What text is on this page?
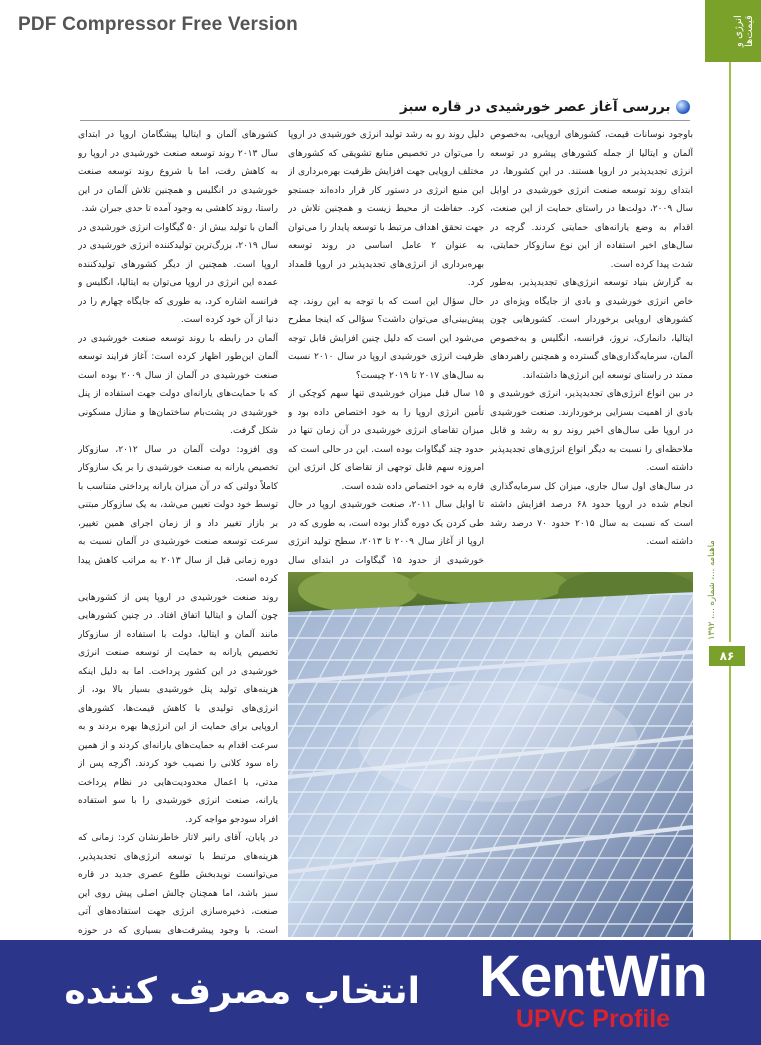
PDF Compressor Free Version	انرژی و قیمت‌ها
ماهنامه ...، شماره ...، ۱۳۹۲
۸۶
بررسی آغاز عصر خورشیدی در قاره سبز

باوجود نوسانات قیمت، کشورهای اروپایی، به‌خصوص آلمان و ایتالیا از جمله کشورهای پیشرو در توسعه انرژی تجدیدپذیر در اروپا هستند. در این کشورها، در ابتدای روند توسعه صنعت انرژی خورشیدی در اوایل سال ۲۰۰۹، دولت‌ها در راستای حمایت از این صنعت، اقدام به وضع یارانه‌های حمایتی کردند. گرچه در سال‌های اخیر استفاده از این نوع سازوکار حمایتی، شدت پیدا کرده است.

به گزارش بنیاد توسعه انرژی‌های تجدیدپذیر، به‌طور خاص انرژی خورشیدی و بادی از جایگاه ویژه‌ای در کشورهای اروپایی برخوردار است. کشورهایی چون ایتالیا، دانمارک، نروژ، فرانسه، انگلیس و به‌خصوص آلمان، سرمایه‌گذاری‌های گسترده و همچنین راهبردهای ممتد در راستای توسعه این انرژی‌ها داشته‌اند.

در بین انواع انرژی‌های تجدیدپذیر، انرژی خورشیدی و بادی از اهمیت بسزایی برخوردارند. صنعت خورشیدی در اروپا طی سال‌های اخیر روند رو به رشد و قابل ملاحظه‌ای را نسبت به دیگر انواع انرژی‌های تجدیدپذیر داشته است.

در سال‌های اول سال جاری، میزان کل سرمایه‌گذاری انجام شده در اروپا حدود ۶۸ درصد افزایش داشته است که نسبت به سال ۲۰۱۵ حدود ۷۰ درصد رشد داشته است.

دلیل روند رو به رشد تولید انرژی خورشیدی در اروپا را می‌توان در تخصیص منابع تشویقی که کشورهای مختلف اروپایی جهت افزایش ظرفیت بهره‌برداری از این منبع انرژی در دستور کار قرار داده‌اند جستجو کرد. حفاظت از محیط زیست و همچنین تلاش در جهت تحقق اهداف مرتبط با توسعه پایدار را می‌توان به عنوان ۲ عامل اساسی در روند توسعه بهره‌برداری از انرژی‌های تجدیدپذیر در اروپا قلمداد کرد.

حال سؤال این است که با توجه به این روند، چه پیش‌بینی‌ای می‌توان داشت؟ سؤالی که اینجا مطرح می‌شود این است که دلیل چنین افزایش قابل توجه ظرفیت انرژی خورشیدی اروپا در سال ۲۰۱۰ نسبت به سال‌های ۲۰۱۷ تا ۲۰۱۹ چیست؟

۱۵ سال قبل میزان خورشیدی تنها سهم کوچکی از تأمین انرژی اروپا را به خود اختصاص داده بود و میزان تقاضای انرژی خورشیدی در آن زمان تنها در حدود چند گیگاوات بوده است. این در حالی است که امروزه سهم قابل توجهی از تقاضای کل انرژی این قاره به خود اختصاص داده شده است.

تا اوایل سال ۲۰۱۱، صنعت خورشیدی اروپا در حال طی کردن یک دوره گذار بوده است، به طوری که در اروپا از آغاز سال ۲۰۰۹ تا ۲۰۱۳، سطح تولید انرژی خورشیدی از حدود ۱۵ گیگاوات در ابتدای سال

کشورهای آلمان و ایتالیا پیشگامان اروپا در ابتدای سال ۲۰۱۳ روند توسعه صنعت خورشیدی در اروپا رو به کاهش رفت، اما با شروع روند توسعه صنعت خورشیدی در انگلیس و همچنین تلاش آلمان در این راستا، روند کاهشی به وجود آمده تا حدی جبران شد.

آلمان با تولید بیش از ۵۰ گیگاوات انرژی خورشیدی در سال ۲۰۱۹، بزرگ‌ترین تولیدکننده انرژی خورشیدی در اروپا است. همچنین از دیگر کشورهای تولیدکننده عمده این انرژی در اروپا می‌توان به ایتالیا، انگلیس و فرانسه اشاره کرد، به طوری که جایگاه چهارم را در دنیا از آن خود کرده است.

آلمان در رابطه با روند توسعه صنعت خورشیدی در آلمان این‌طور اظهار کرده است: آغاز فرایند توسعه صنعت خورشیدی در آلمان از سال ۲۰۰۹ بوده است که با حمایت‌های یارانه‌ای دولت جهت استفاده از پنل خورشیدی در پشت‌بام ساختمان‌ها و منازل مسکونی شکل گرفت.

وی افزود: دولت آلمان در سال ۲۰۱۲، سازوکار تخصیص یارانه به صنعت خورشیدی را بر یک سازوکار کاملاً دولتی که در آن میزان یارانه پرداختی متناسب با توسط خود دولت تعیین می‌شد، به یک سازوکار مبتنی بر بازار تغییر داد و از زمان اجرای همین تغییر، سرعت توسعه صنعت خورشیدی در آلمان نسبت به دوره زمانی قبل از سال ۲۰۱۳ به مراتب کاهش پیدا کرده است.

روند صنعت خورشیدی در اروپا پس از کشورهایی چون آلمان و ایتالیا اتفاق افتاد. در چنین کشورهایی مانند آلمان و ایتالیا، دولت با استفاده از سازوکار تخصیص یارانه به حمایت از توسعه صنعت انرژی خورشیدی در این کشور پرداخت. اما به دلیل اینکه هزینه‌های تولید پنل خورشیدی بسیار بالا بود، از انرژی‌های تولیدی با کاهش قیمت‌ها، کشورهای اروپایی برای حمایت از این انرژی‌ها بهره بردند و به سرعت اقدام به حمایت‌های یارانه‌ای کردند و از همین راه سود کلانی را نصیب خود کردند. اگرچه پس از مدتی، با اعمال محدودیت‌هایی در نظام پرداخت یارانه، صنعت انرژی خورشیدی را با سو استفاده افراد سودجو مواجه کرد.

در پایان، آقای رانیر لاتار خاطرنشان کرد: زمانی که هزینه‌های مرتبط با توسعه انرژی‌های تجدیدپذیر، می‌توانست نویدبخش طلوع عصری جدید در قاره سبز باشد، اما همچنان چالش اصلی پیش روی این صنعت، ذخیره‌سازی انرژی جهت استفاده‌های آتی است. با وجود پیشرفت‌های بسیاری که در حوزه

انتخاب مصرف کننده	KentWin
UPVC Profile
